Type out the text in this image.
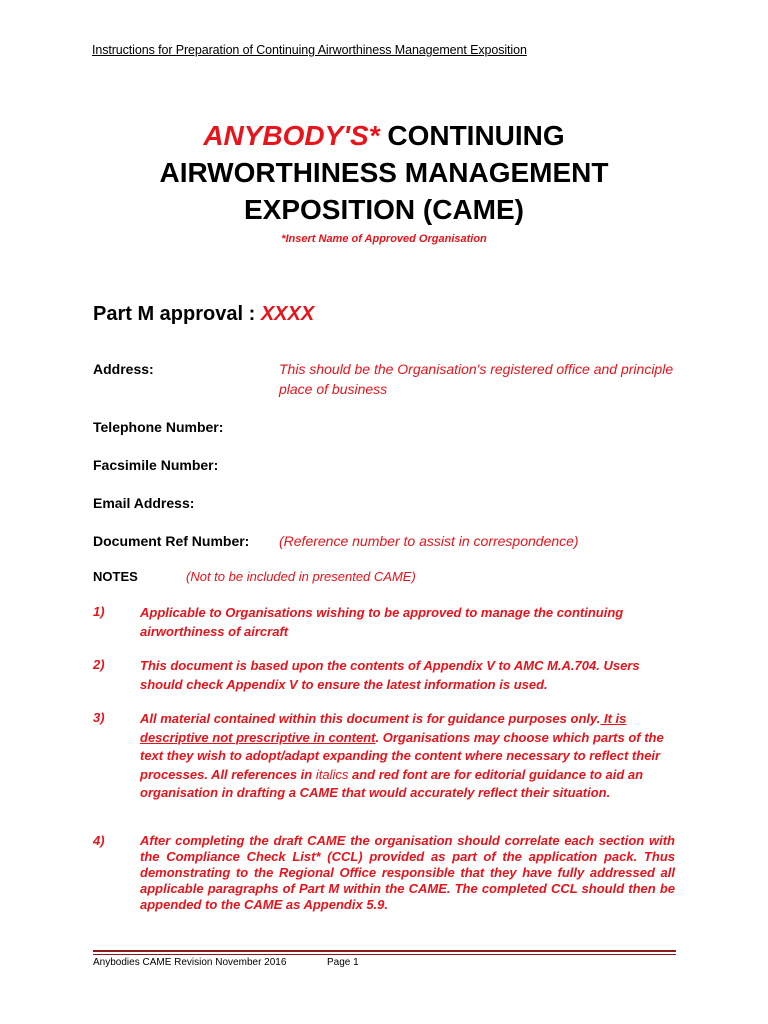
Instructions for Preparation of Continuing Airworthiness Management Exposition
ANYBODY'S* CONTINUING
AIRWORTHINESS MANAGEMENT
EXPOSITION (CAME)
*Insert Name of Approved Organisation
Part M approval : XXXX
Address:	This should be the Organisation's registered office and principle place of business
Telephone Number:
Facsimile Number:
Email Address:
Document Ref Number: (Reference number to assist in correspondence)
NOTES	(Not to be included in presented CAME)
1)	Applicable to Organisations wishing to be approved to manage the continuing airworthiness of aircraft
2)	This document is based upon the contents of Appendix V to AMC M.A.704. Users should check Appendix V to ensure the latest information is used.
3)	All material contained within this document is for guidance purposes only. It is descriptive not prescriptive in content. Organisations may choose which parts of the text they wish to adopt/adapt expanding the content where necessary to reflect their processes. All references in italics and red font are for editorial guidance to aid an organisation in drafting a CAME that would accurately reflect their situation.
4)	After completing the draft CAME the organisation should correlate each section with the Compliance Check List* (CCL) provided as part of the application pack. Thus demonstrating to the Regional Office responsible that they have fully addressed all applicable paragraphs of Part M within the CAME. The completed CCL should then be appended to the CAME as Appendix 5.9.
Anybodies CAME Revision November 2016	Page 1
